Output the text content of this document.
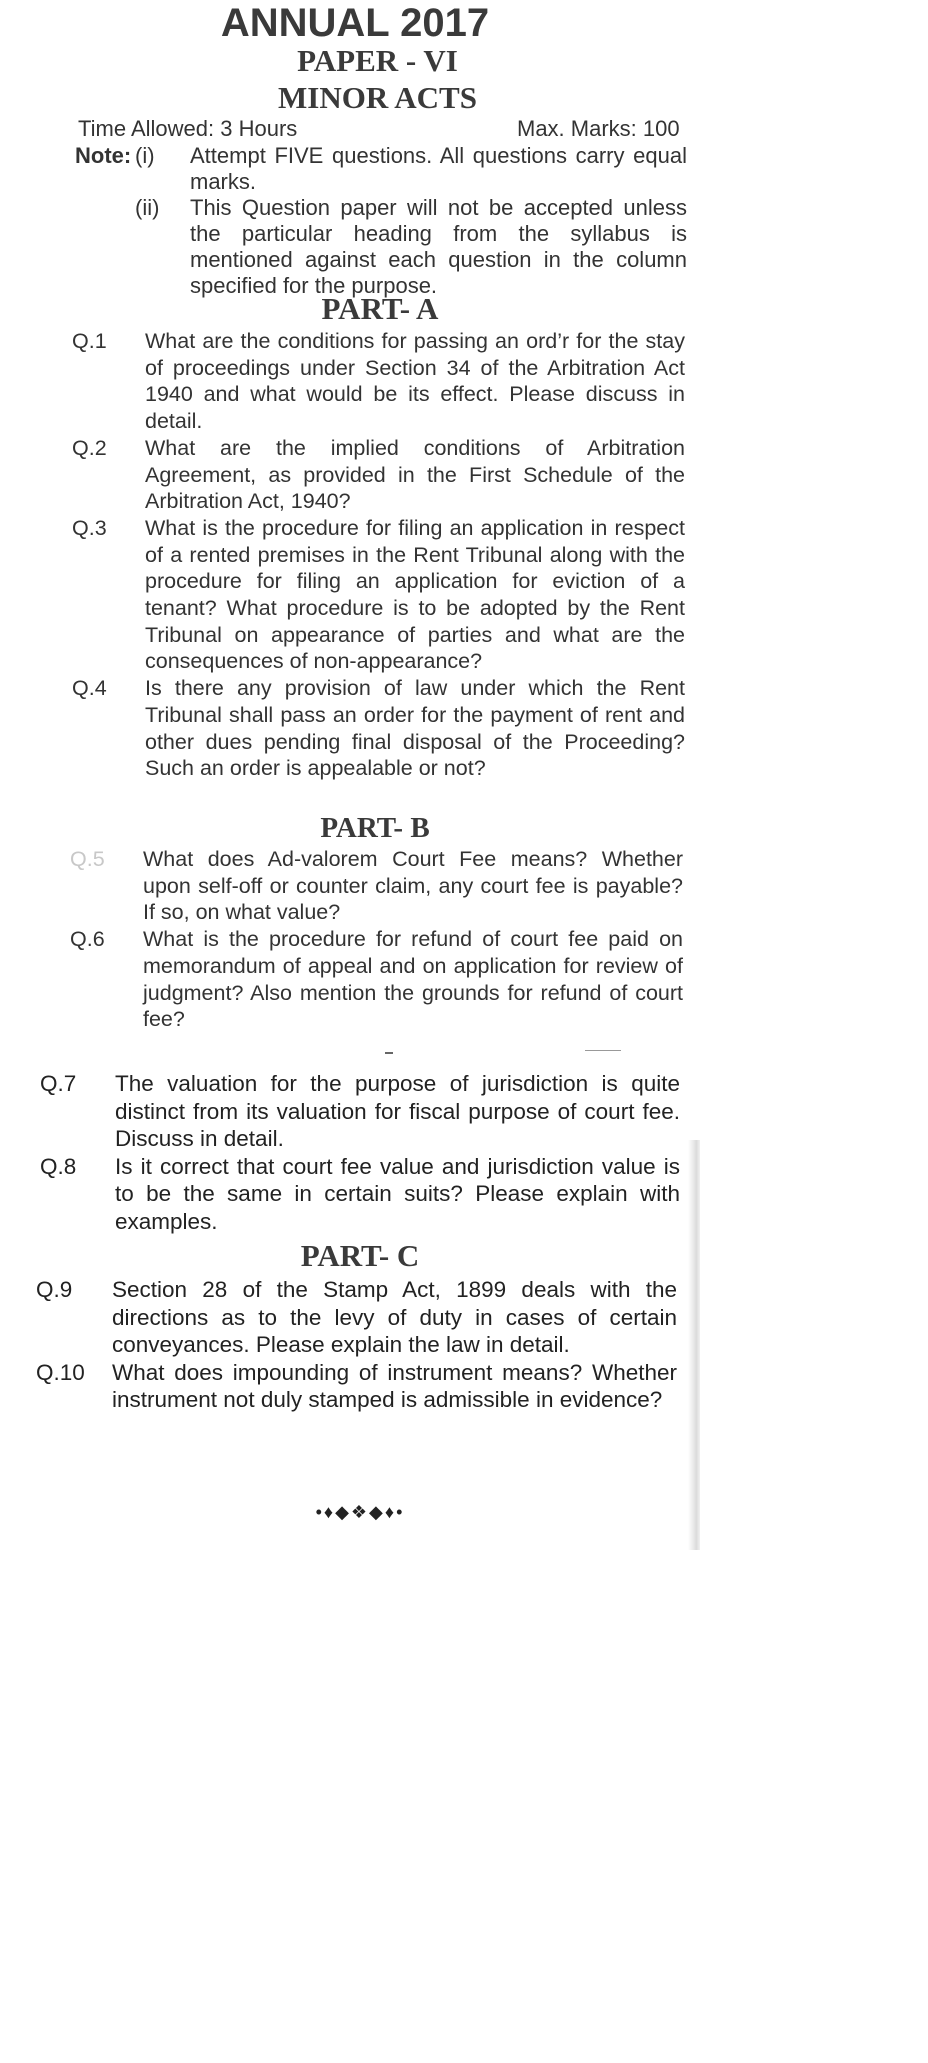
ANNUAL 2017
PAPER - VI
MINOR ACTS
Time Allowed: 3 Hours	Max. Marks: 100
Note: (i)	Attempt FIVE questions. All questions carry equal marks.
(ii)	This Question paper will not be accepted unless the particular heading from the syllabus is mentioned against each question in the column specified for the purpose.
PART- A
Q.1	What are the conditions for passing an ord’r for the stay of proceedings under Section 34 of the Arbitration Act 1940 and what would be its effect. Please discuss in detail.
Q.2	What are the implied conditions of Arbitration Agreement, as provided in the First Schedule of the Arbitration Act, 1940?
Q.3	What is the procedure for filing an application in respect of a rented premises in the Rent Tribunal along with the procedure for filing an application for eviction of a tenant? What procedure is to be adopted by the Rent Tribunal on appearance of parties and what are the consequences of non-appearance?
Q.4	Is there any provision of law under which the Rent Tribunal shall pass an order for the payment of rent and other dues pending final disposal of the Proceeding? Such an order is appealable or not?
PART- B
Q.5	What does Ad-valorem Court Fee means? Whether upon self-off or counter claim, any court fee is payable? If so, on what value?
Q.6	What is the procedure for refund of court fee paid on memorandum of appeal and on application for review of judgment? Also mention the grounds for refund of court fee?
Q.7	The valuation for the purpose of jurisdiction is quite distinct from its valuation for fiscal purpose of court fee. Discuss in detail.
Q.8	Is it correct that court fee value and jurisdiction value is to be the same in certain suits? Please explain with examples.
PART- C
Q.9	Section 28 of the Stamp Act, 1899 deals with the directions as to the levy of duty in cases of certain conveyances. Please explain the law in detail.
Q.10	What does impounding of instrument means? Whether instrument not duly stamped is admissible in evidence?
•♦◆❖◆♦•
